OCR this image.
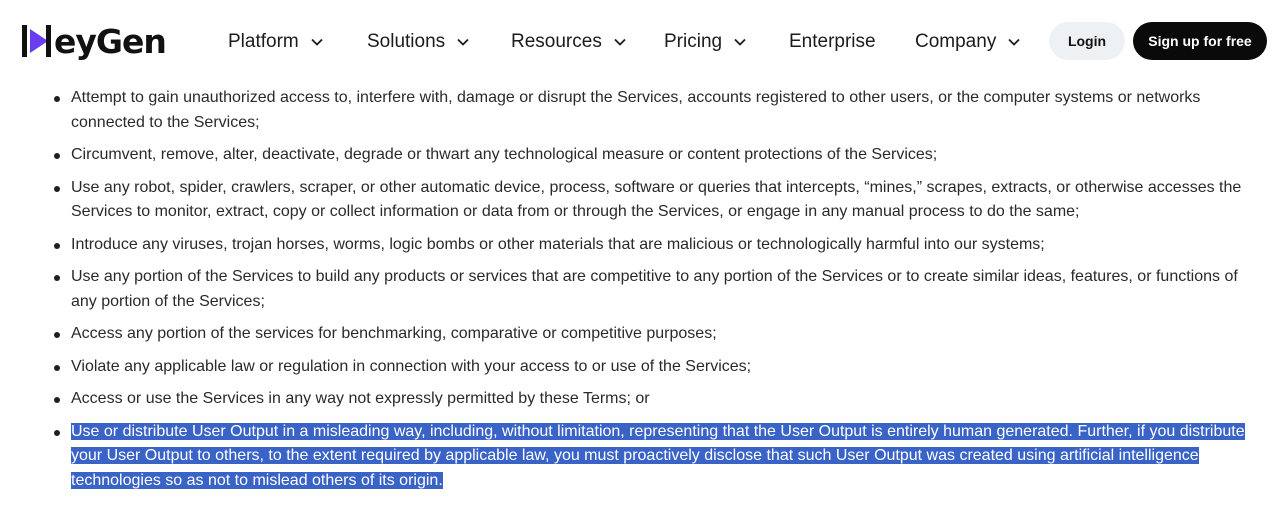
eyGen	Platform	Solutions	Resources	Pricing	Enterprise Company	Login	Sign up for free
Attempt to gain unauthorized access to, interfere with, damage or disrupt the Services, accounts registered to other users, or the computer systems or networks connected to the Services;
Circumvent, remove, alter, deactivate, degrade or thwart any technological measure or content protections of the Services;
Use any robot, spider, crawlers, scraper, or other automatic device, process, software or queries that intercepts, “mines,” scrapes, extracts, or otherwise accesses the Services to monitor, extract, copy or collect information or data from or through the Services, or engage in any manual process to do the same;
Introduce any viruses, trojan horses, worms, logic bombs or other materials that are malicious or technologically harmful into our systems;
Use any portion of the Services to build any products or services that are competitive to any portion of the Services or to create similar ideas, features, or functions of any portion of the Services;
Access any portion of the services for benchmarking, comparative or competitive purposes;
Violate any applicable law or regulation in connection with your access to or use of the Services;
Access or use the Services in any way not expressly permitted by these Terms; or
Use or distribute User Output in a misleading way, including, without limitation, representing that the User Output is entirely human generated. Further, if you distribute your User Output to others, to the extent required by applicable law, you must proactively disclose that such User Output was created using artificial intelligence technologies so as not to mislead others of its origin.
